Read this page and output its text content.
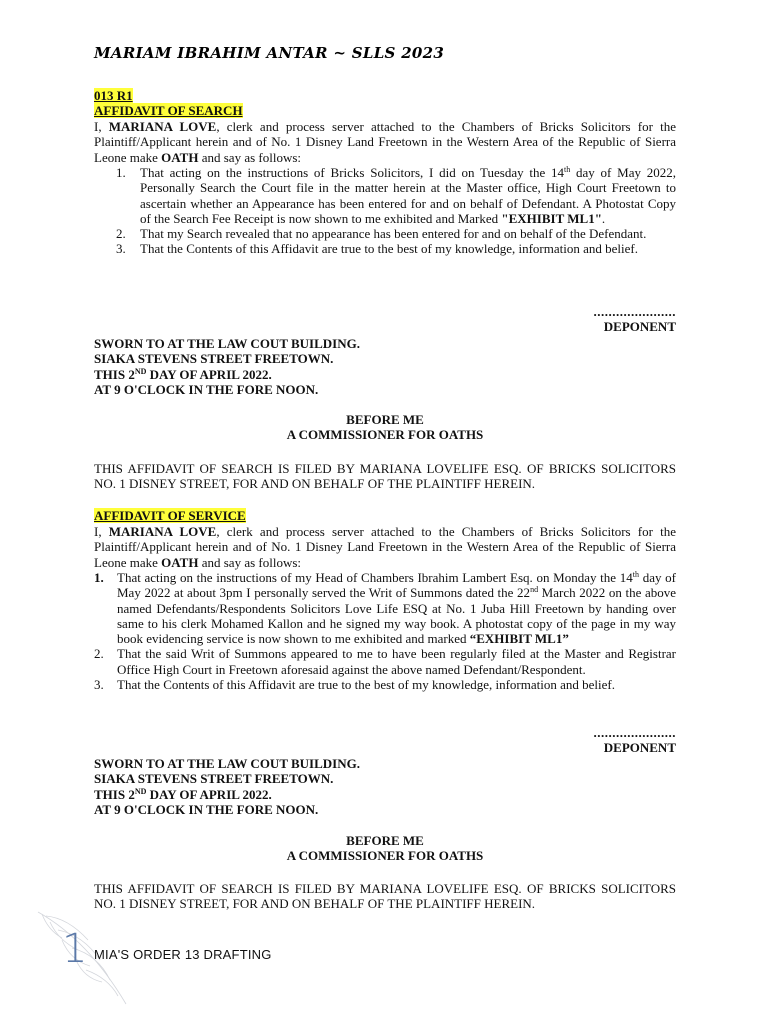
MARIAM IBRAHIM ANTAR ~ SLLS 2023
013 R1
AFFIDAVIT OF SEARCH

I, MARIANA LOVE, clerk and process server attached to the Chambers of Bricks Solicitors for the Plaintiff/Applicant herein and of No. 1 Disney Land Freetown in the Western Area of the Republic of Sierra Leone make OATH and say as follows:

1. That acting on the instructions of Bricks Solicitors, I did on Tuesday the 14th day of May 2022, Personally Search the Court file in the matter herein at the Master office, High Court Freetown to ascertain whether an Appearance has been entered for and on behalf of Defendant. A Photostat Copy of the Search Fee Receipt is now shown to me exhibited and Marked "EXHIBIT ML1".
2. That my Search revealed that no appearance has been entered for and on behalf of the Defendant.
3. That the Contents of this Affidavit are true to the best of my knowledge, information and belief.
......................
DEPONENT
SWORN TO AT THE LAW COUT BUILDING.
SIAKA STEVENS STREET FREETOWN.
THIS 2ND DAY OF APRIL 2022.
AT 9 O'CLOCK IN THE FORE NOON.
BEFORE ME
A COMMISSIONER FOR OATHS

THIS AFFIDAVIT OF SEARCH IS FILED BY MARIANA LOVELIFE ESQ. OF BRICKS SOLICITORS NO. 1 DISNEY STREET, FOR AND ON BEHALF OF THE PLAINTIFF HEREIN.

AFFIDAVIT OF SERVICE

I, MARIANA LOVE, clerk and process server attached to the Chambers of Bricks Solicitors for the Plaintiff/Applicant herein and of No. 1 Disney Land Freetown in the Western Area of the Republic of Sierra Leone make OATH and say as follows:

1. That acting on the instructions of my Head of Chambers Ibrahim Lambert Esq. on Monday the 14th day of May 2022 at about 3pm I personally served the Writ of Summons dated the 22nd March 2022 on the above named Defendants/Respondents Solicitors Love Life ESQ at No. 1 Juba Hill Freetown by handing over same to his clerk Mohamed Kallon and he signed my way book. A photostat copy of the page in my way book evidencing service is now shown to me exhibited and marked “EXHIBIT ML1”
2. That the said Writ of Summons appeared to me to have been regularly filed at the Master and Registrar Office High Court in Freetown aforesaid against the above named Defendant/Respondent.
3. That the Contents of this Affidavit are true to the best of my knowledge, information and belief.
......................
DEPONENT
SWORN TO AT THE LAW COUT BUILDING.
SIAKA STEVENS STREET FREETOWN.
THIS 2ND DAY OF APRIL 2022.
AT 9 O'CLOCK IN THE FORE NOON.
BEFORE ME
A COMMISSIONER FOR OATHS

THIS AFFIDAVIT OF SEARCH IS FILED BY MARIANA LOVELIFE ESQ. OF BRICKS SOLICITORS NO. 1 DISNEY STREET, FOR AND ON BEHALF OF THE PLAINTIFF HEREIN.

1 MIA'S ORDER 13 DRAFTING
